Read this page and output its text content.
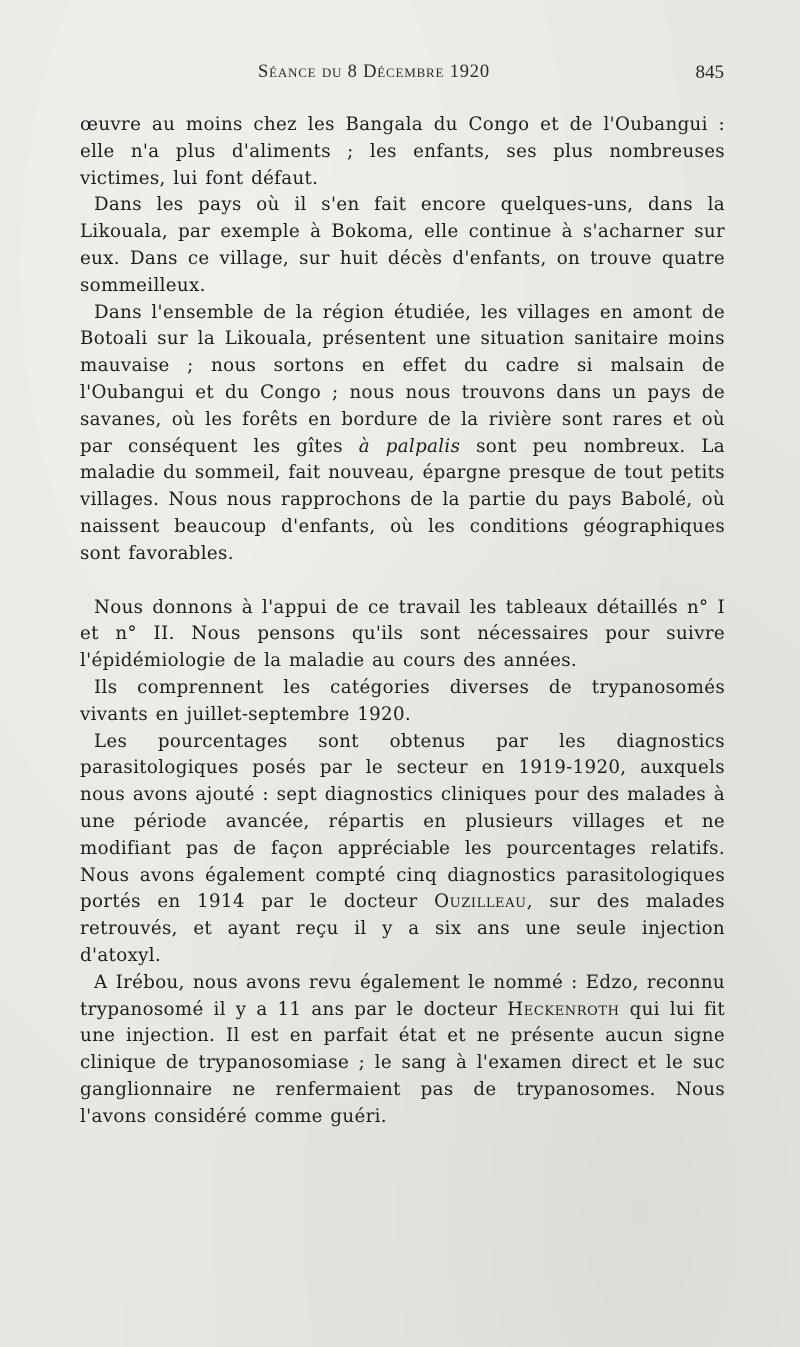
Séance du 8 Décembre 1920	845

œuvre au moins chez les Bangala du Congo et de l'Oubangui : elle n'a plus d'aliments ; les enfants, ses plus nombreuses victimes, lui font défaut.

Dans les pays où il s'en fait encore quelques-uns, dans la Likouala, par exemple à Bokoma, elle continue à s'acharner sur eux. Dans ce village, sur huit décès d'enfants, on trouve quatre sommeilleux.

Dans l'ensemble de la région étudiée, les villages en amont de Botoali sur la Likouala, présentent une situation sanitaire moins mauvaise ; nous sortons en effet du cadre si malsain de l'Oubangui et du Congo ; nous nous trouvons dans un pays de savanes, où les forêts en bordure de la rivière sont rares et où par conséquent les gîtes à palpalis sont peu nombreux. La maladie du sommeil, fait nouveau, épargne presque de tout petits villages. Nous nous rapprochons de la partie du pays Babolé, où naissent beaucoup d'enfants, où les conditions géographiques sont favorables.

Nous donnons à l'appui de ce travail les tableaux détaillés n° I et n° II. Nous pensons qu'ils sont nécessaires pour suivre l'épidémiologie de la maladie au cours des années.

Ils comprennent les catégories diverses de trypanosomés vivants en juillet-septembre 1920.

Les pourcentages sont obtenus par les diagnostics parasitologiques posés par le secteur en 1919-1920, auxquels nous avons ajouté : sept diagnostics cliniques pour des malades à une période avancée, répartis en plusieurs villages et ne modifiant pas de façon appréciable les pourcentages relatifs. Nous avons également compté cinq diagnostics parasitologiques portés en 1914 par le docteur Ouzilleau, sur des malades retrouvés, et ayant reçu il y a six ans une seule injection d'atoxyl.

A Irébou, nous avons revu également le nommé : Edzo, reconnu trypanosomé il y a 11 ans par le docteur Heckenroth qui lui fit une injection. Il est en parfait état et ne présente aucun signe clinique de trypanosomiase ; le sang à l'examen direct et le suc ganglionnaire ne renfermaient pas de trypanosomes. Nous l'avons considéré comme guéri.
